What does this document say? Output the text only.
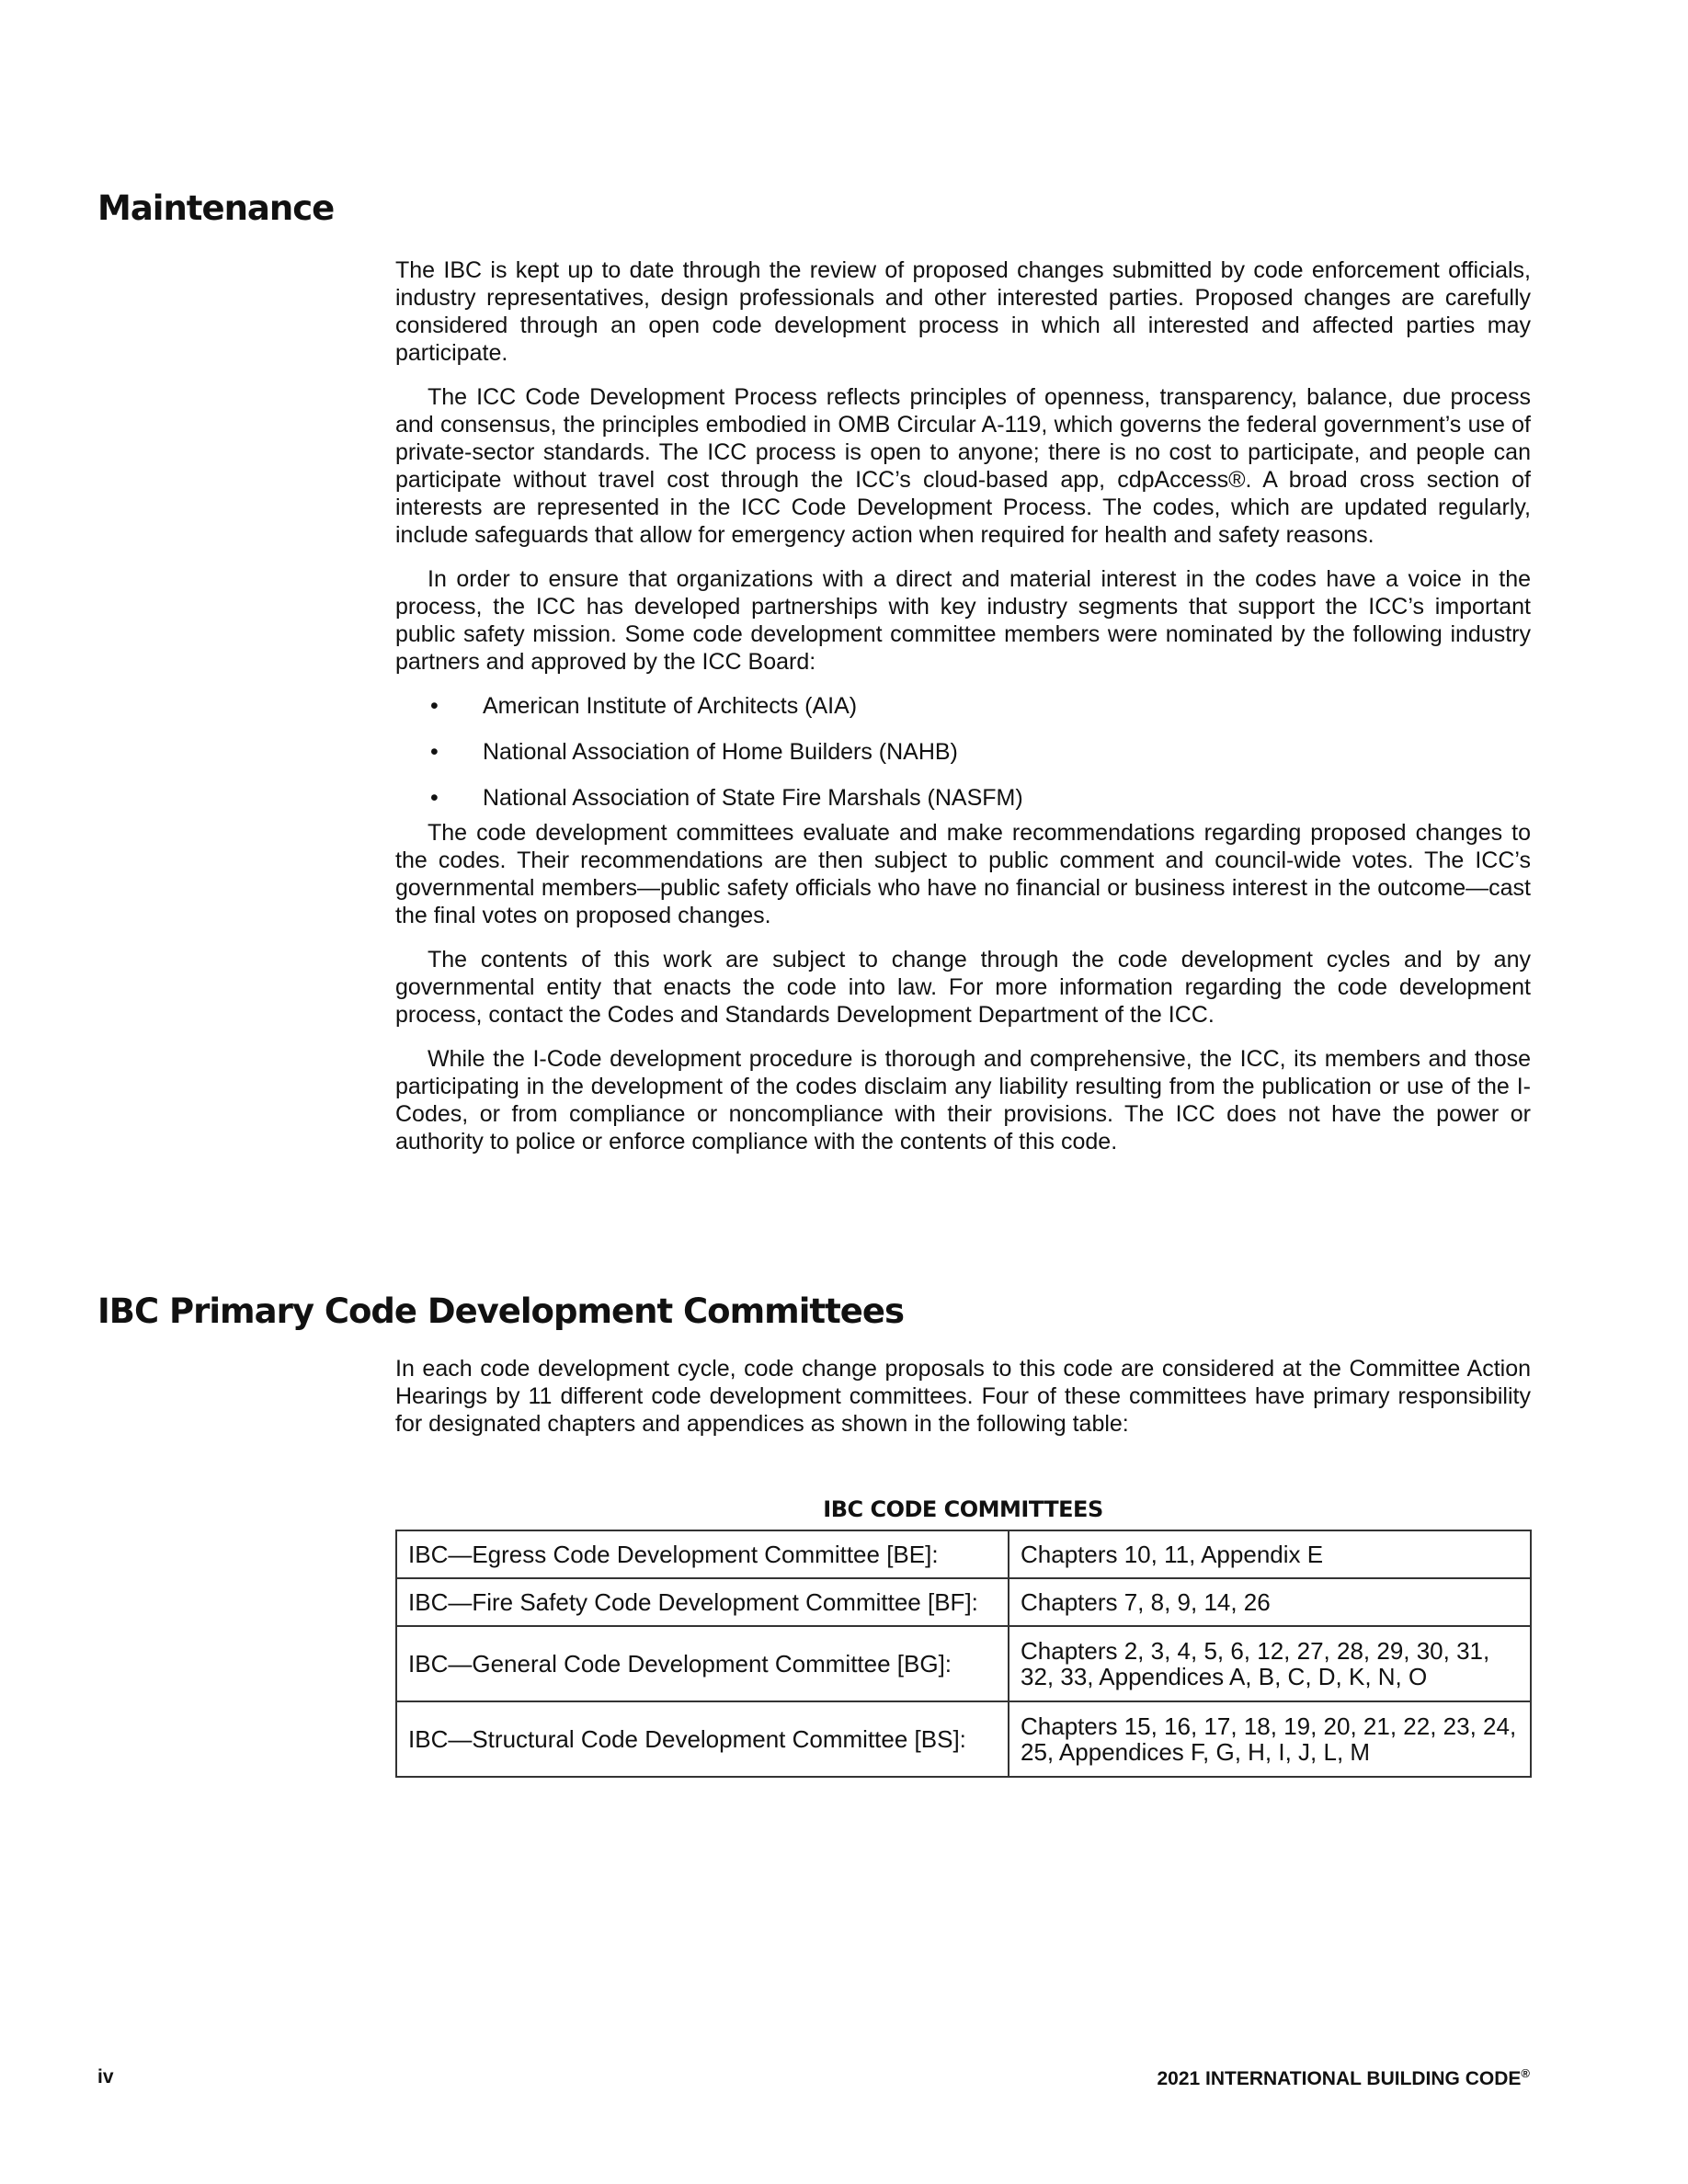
Maintenance

The IBC is kept up to date through the review of proposed changes submitted by code enforcement officials, industry representatives, design professionals and other interested parties. Proposed changes are carefully considered through an open code development process in which all interested and affected parties may participate.

The ICC Code Development Process reflects principles of openness, transparency, balance, due process and consensus, the principles embodied in OMB Circular A-119, which governs the federal government’s use of private-sector standards. The ICC process is open to anyone; there is no cost to participate, and people can participate without travel cost through the ICC’s cloud-based app, cdpAccess®. A broad cross section of interests are represented in the ICC Code Development Process. The codes, which are updated regularly, include safeguards that allow for emergency action when required for health and safety reasons.

In order to ensure that organizations with a direct and material interest in the codes have a voice in the process, the ICC has developed partnerships with key industry segments that support the ICC’s important public safety mission. Some code development committee members were nominated by the following industry partners and approved by the ICC Board:

• American Institute of Architects (AIA)
• National Association of Home Builders (NAHB)
• National Association of State Fire Marshals (NASFM)

The code development committees evaluate and make recommendations regarding proposed changes to the codes. Their recommendations are then subject to public comment and council-wide votes. The ICC’s governmental members—public safety officials who have no financial or business interest in the outcome—cast the final votes on proposed changes.

The contents of this work are subject to change through the code development cycles and by any governmental entity that enacts the code into law. For more information regarding the code development process, contact the Codes and Standards Development Department of the ICC.

While the I-Code development procedure is thorough and comprehensive, the ICC, its members and those participating in the development of the codes disclaim any liability resulting from the publication or use of the I-Codes, or from compliance or noncompliance with their provisions. The ICC does not have the power or authority to police or enforce compliance with the contents of this code.

IBC Primary Code Development Committees

In each code development cycle, code change proposals to this code are considered at the Committee Action Hearings by 11 different code development committees. Four of these committees have primary responsibility for designated chapters and appendices as shown in the following table:

IBC CODE COMMITTEES
IBC—Egress Code Development Committee [BE]:	Chapters 10, 11, Appendix E
IBC—Fire Safety Code Development Committee [BF]:	Chapters 7, 8, 9, 14, 26
IBC—General Code Development Committee [BG]:	Chapters 2, 3, 4, 5, 6, 12, 27, 28, 29, 30, 31, 32, 33, Appendices A, B, C, D, K, N, O
IBC—Structural Code Development Committee [BS]:	Chapters 15, 16, 17, 18, 19, 20, 21, 22, 23, 24, 25, Appendices F, G, H, I, J, L, M
iv	2021 INTERNATIONAL BUILDING CODE®
